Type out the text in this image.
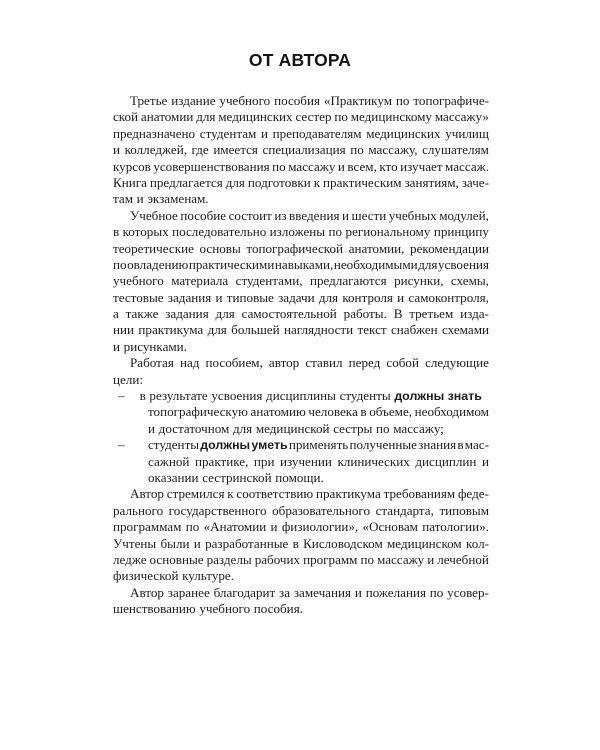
ОТ АВТОРА
Третье издание учебного пособия «Практикум по топографиче-
ской анатомии для медицинских сестер по медицинскому массажу»
предназначено студентам и преподавателям медицинских училищ
и колледжей, где имеется специализация по массажу, слушателям
курсов усовершенствования по массажу и всем, кто изучает массаж.
Книга предлагается для подготовки к практическим занятиям, заче-
там и экзаменам.
Учебное пособие состоит из введения и шести учебных модулей,
в которых последовательно изложены по региональному принципу
теоретические основы топографической анатомии, рекомендации
по овладению практическими навыками, необходимыми для усвоения
учебного материала студентами, предлагаются рисунки, схемы,
тестовые задания и типовые задачи для контроля и самоконтроля,
а также задания для самостоятельной работы. В третьем изда-
нии практикума для большей наглядности текст снабжен схемами
и рисунками.
Работая над пособием, автор ставил перед собой следующие
цели:
–	в результате усвоения дисциплины студенты должны знать
топографическую анатомию человека в объеме, необходимом
и достаточном для медицинской сестры по массажу;
–	студенты должны уметь применять полученные знания в мас-
сажной практике, при изучении клинических дисциплин и
оказании сестринской помощи.
Автор стремился к соответствию практикума требованиям феде-
рального государственного образовательного стандарта, типовым
программам по «Анатомии и физиологии», «Основам патологии».
Учтены были и разработанные в Кисловодском медицинском кол-
ледже основные разделы рабочих программ по массажу и лечебной
физической культуре.
Автор заранее благодарит за замечания и пожелания по усовер-
шенствованию учебного пособия.
